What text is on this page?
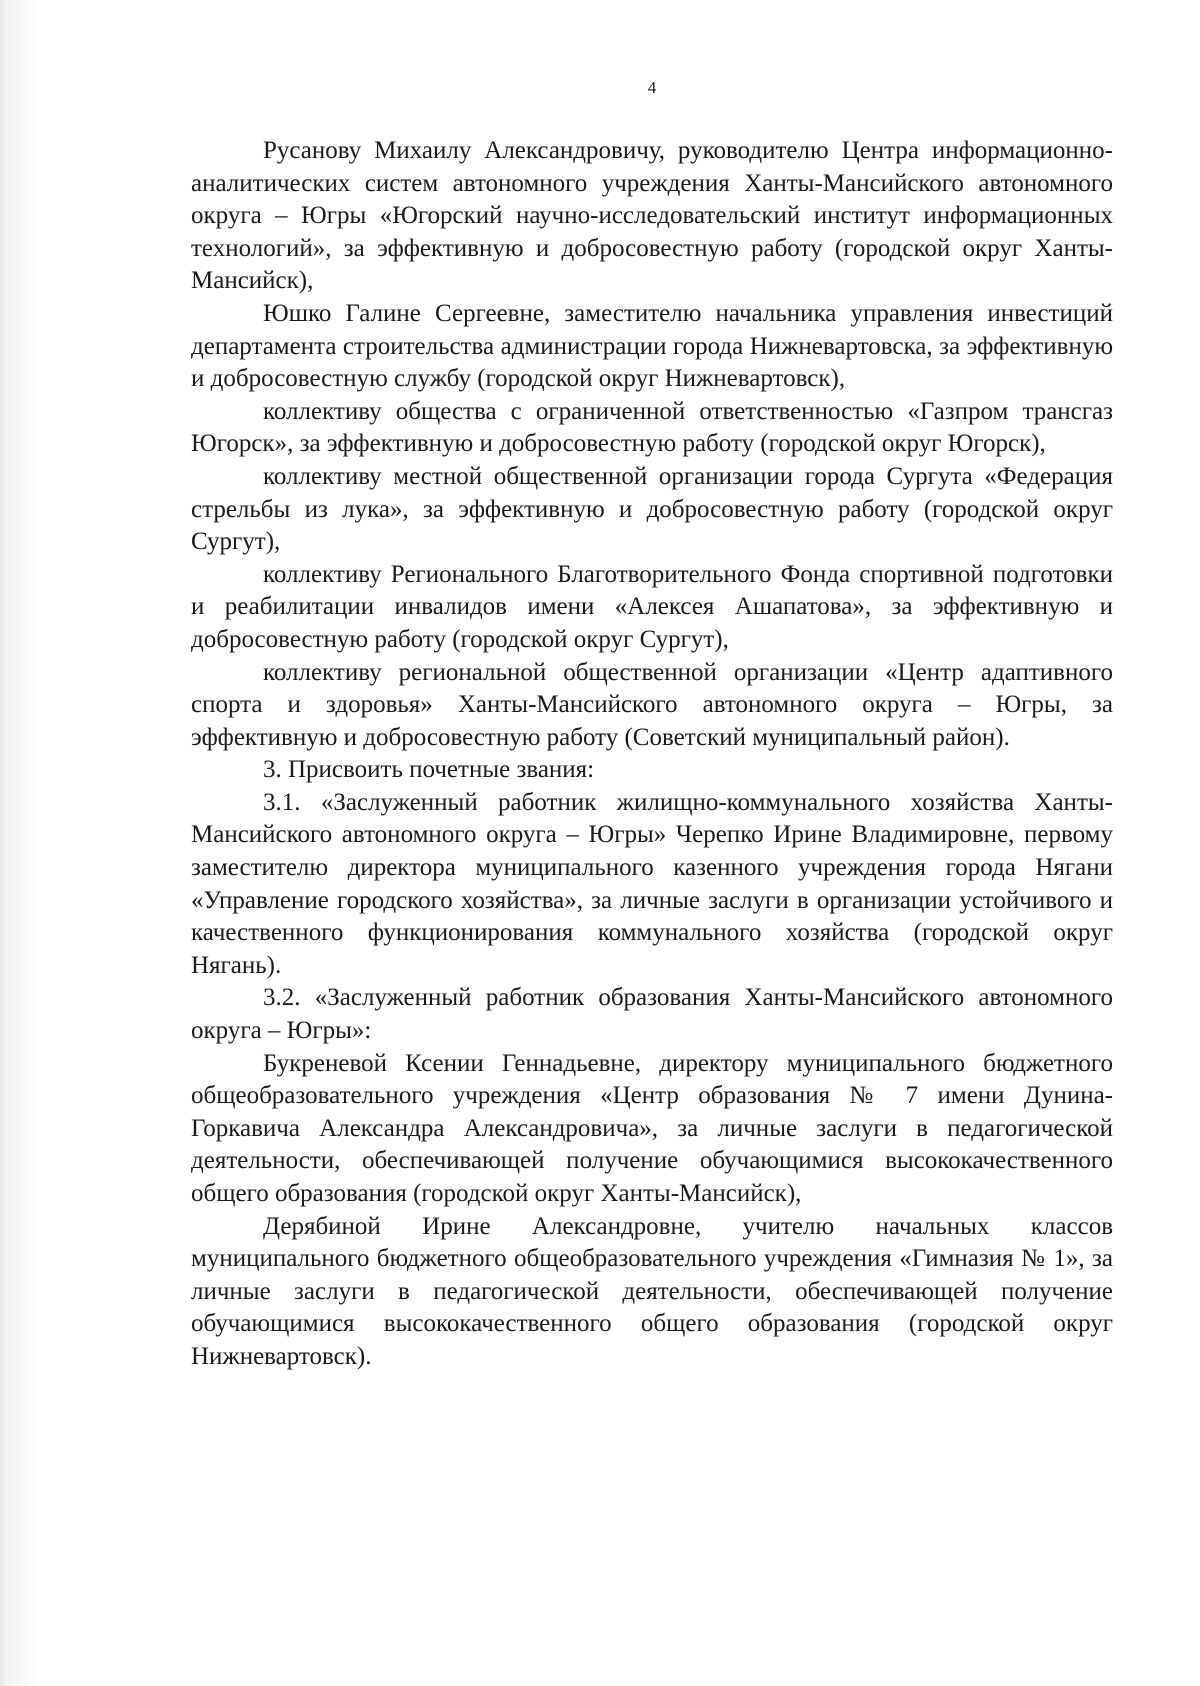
4

Русанову Михаилу Александровичу, руководителю Центра информационно-аналитических систем автономного учреждения Ханты-Мансийского автономного округа – Югры «Югорский научно-исследовательский институт информационных технологий», за эффективную и добросовестную работу (городской округ Ханты-Мансийск),

Юшко Галине Сергеевне, заместителю начальника управления инвестиций департамента строительства администрации города Нижневартовска, за эффективную и добросовестную службу (городской округ Нижневартовск),

коллективу общества с ограниченной ответственностью «Газпром трансгаз Югорск», за эффективную и добросовестную работу (городской округ Югорск),

коллективу местной общественной организации города Сургута «Федерация стрельбы из лука», за эффективную и добросовестную работу (городской округ Сургут),

коллективу Регионального Благотворительного Фонда спортивной подготовки и реабилитации инвалидов имени «Алексея Ашапатова», за эффективную и добросовестную работу (городской округ Сургут),

коллективу региональной общественной организации «Центр адаптивного спорта и здоровья» Ханты-Мансийского автономного округа – Югры, за эффективную и добросовестную работу (Советский муниципальный район).

3. Присвоить почетные звания:

3.1. «Заслуженный работник жилищно-коммунального хозяйства Ханты-Мансийского автономного округа – Югры» Черепко Ирине Владимировне, первому заместителю директора муниципального казенного учреждения города Нягани «Управление городского хозяйства», за личные заслуги в организации устойчивого и качественного функционирования коммунального хозяйства (городской округ Нягань).

3.2. «Заслуженный работник образования Ханты-Мансийского автономного округа – Югры»:

Букреневой Ксении Геннадьевне, директору муниципального бюджетного общеобразовательного учреждения «Центр образования № 7 имени Дунина-Горкавича Александра Александровича», за личные заслуги в педагогической деятельности, обеспечивающей получение обучающимися высококачественного общего образования (городской округ Ханты-Мансийск),

Дерябиной Ирине Александровне, учителю начальных классов муниципального бюджетного общеобразовательного учреждения «Гимназия № 1», за личные заслуги в педагогической деятельности, обеспечивающей получение обучающимися высококачественного общего образования (городской округ Нижневартовск).
